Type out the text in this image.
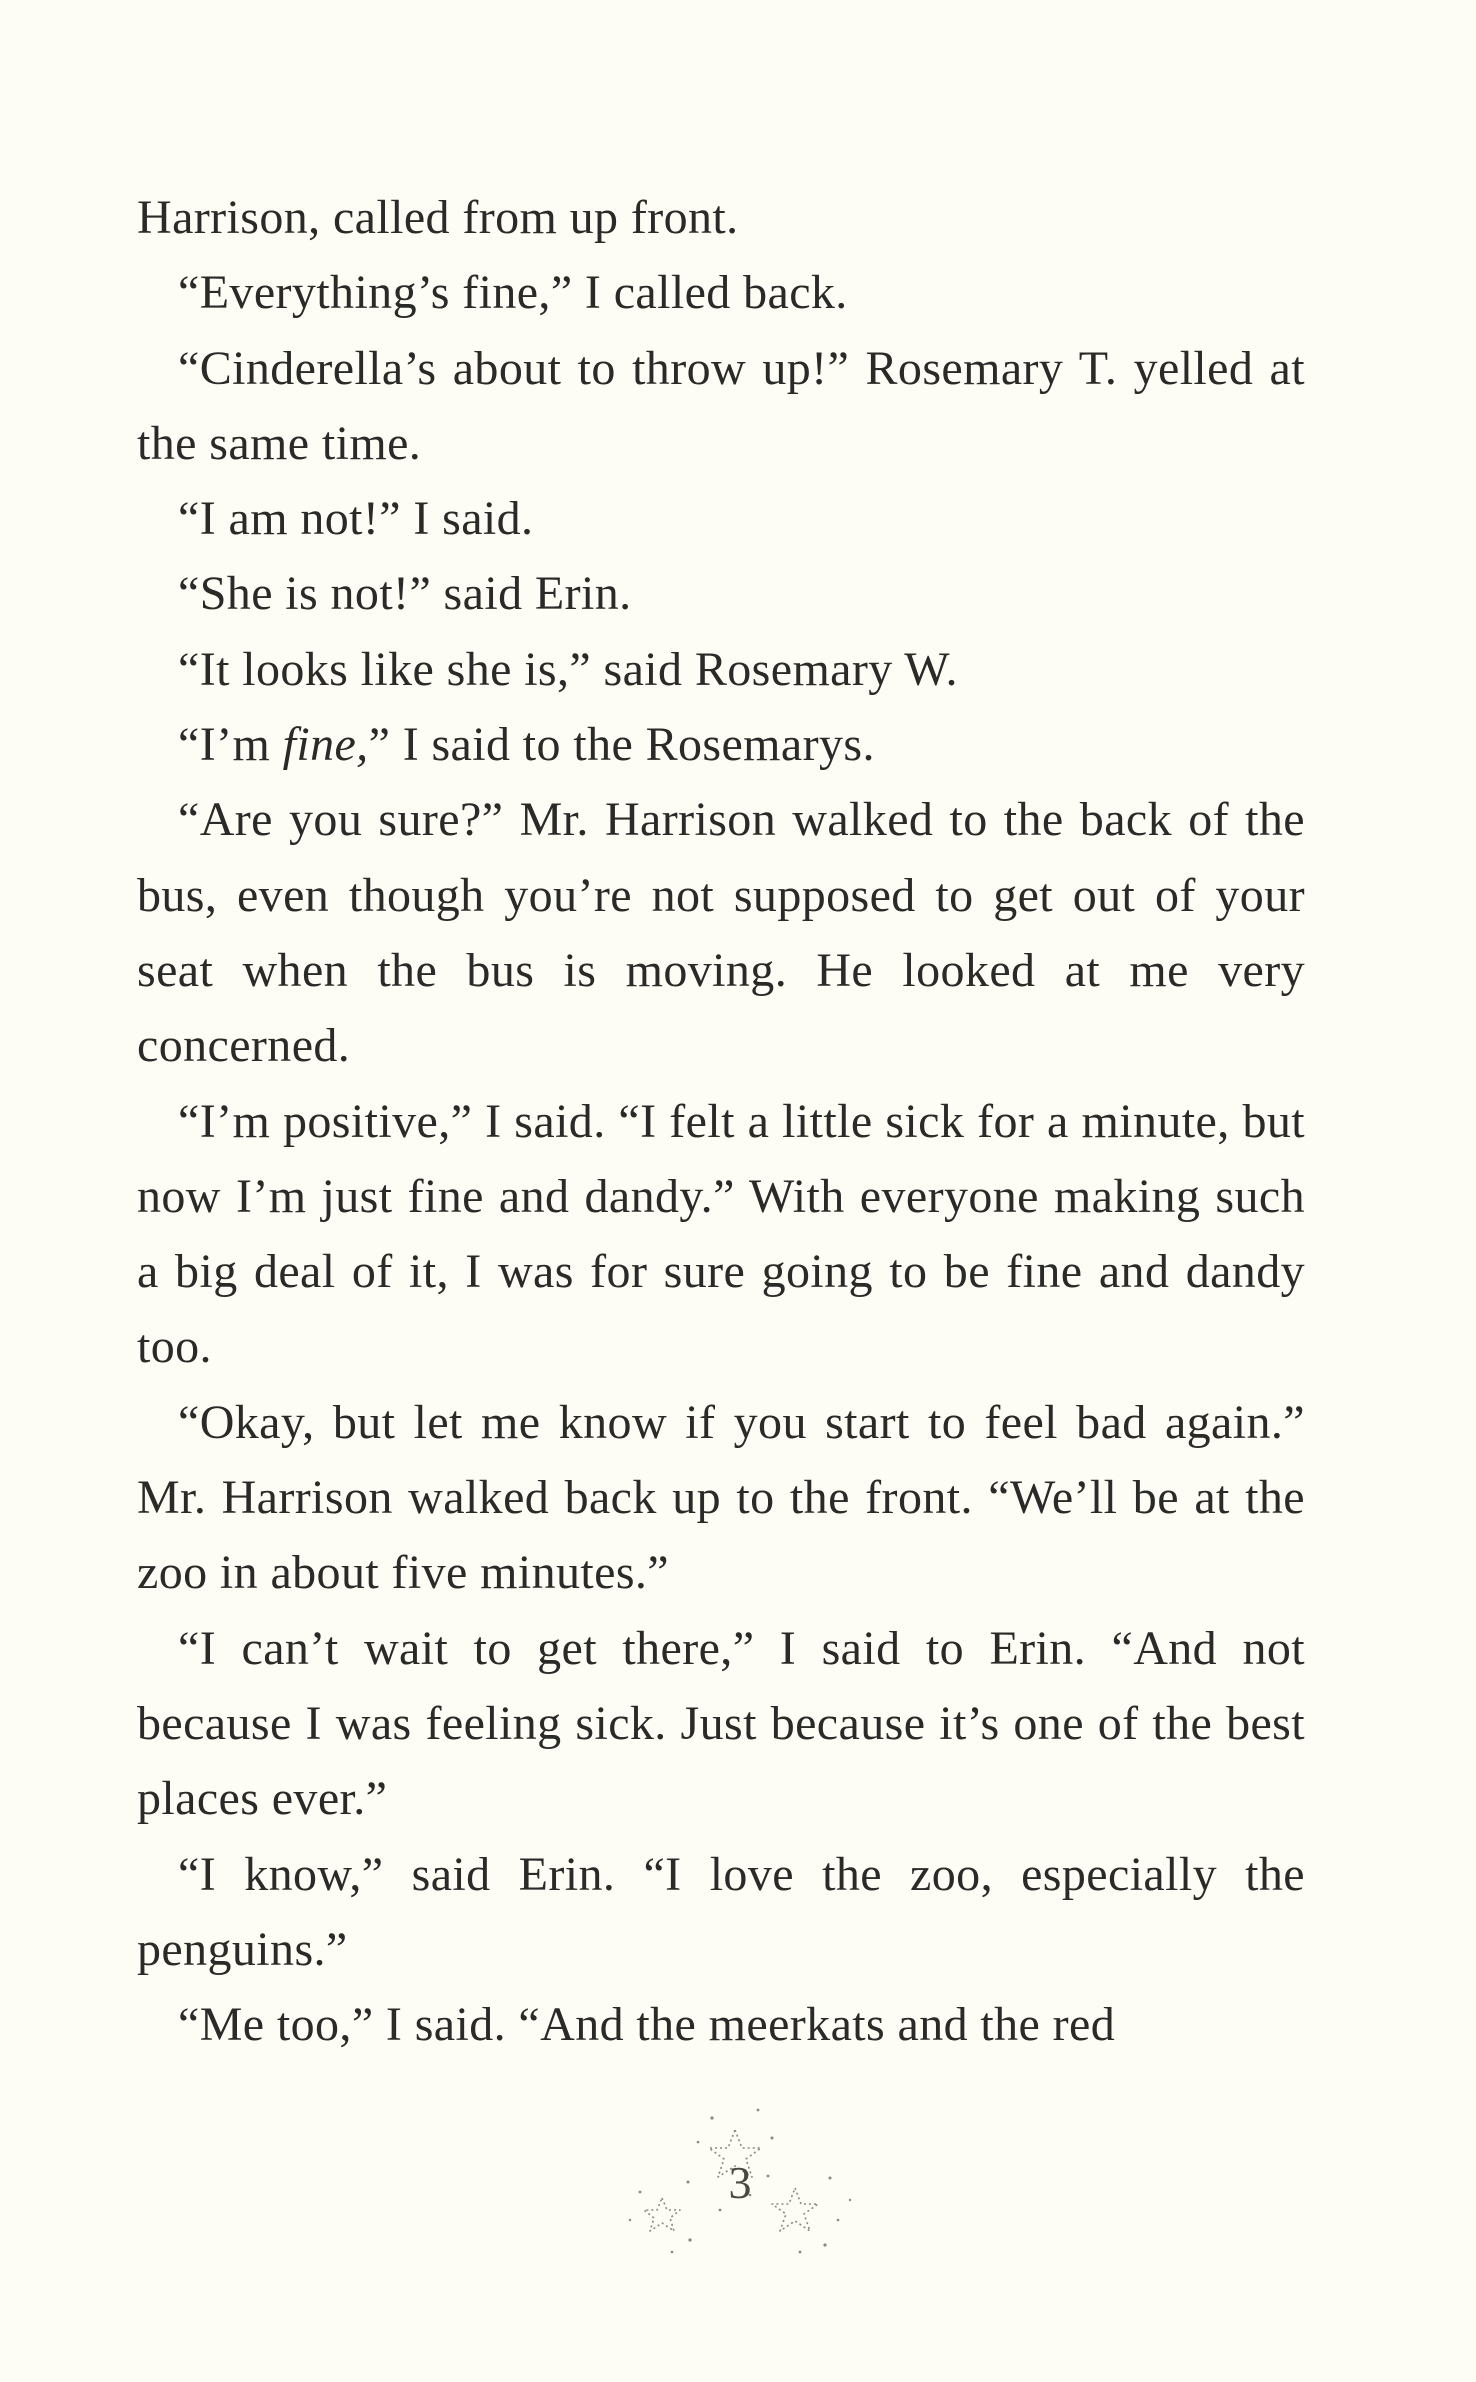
Harrison, called from up front.

“Everything’s fine,” I called back.

“Cinderella’s about to throw up!” Rosemary T. yelled at the same time.

“I am not!” I said.

“She is not!” said Erin.

“It looks like she is,” said Rosemary W.

“I’m fine,” I said to the Rosemarys.

“Are you sure?” Mr. Harrison walked to the back of the bus, even though you’re not supposed to get out of your seat when the bus is moving. He looked at me very concerned.

“I’m positive,” I said. “I felt a little sick for a minute, but now I’m just fine and dandy.” With everyone making such a big deal of it, I was for sure going to be fine and dandy too.

“Okay, but let me know if you start to feel bad again.” Mr. Harrison walked back up to the front. “We’ll be at the zoo in about five minutes.”

“I can’t wait to get there,” I said to Erin. “And not because I was feeling sick. Just because it’s one of the best places ever.”

“I know,” said Erin. “I love the zoo, especially the penguins.”

“Me too,” I said. “And the meerkats and the red

3
